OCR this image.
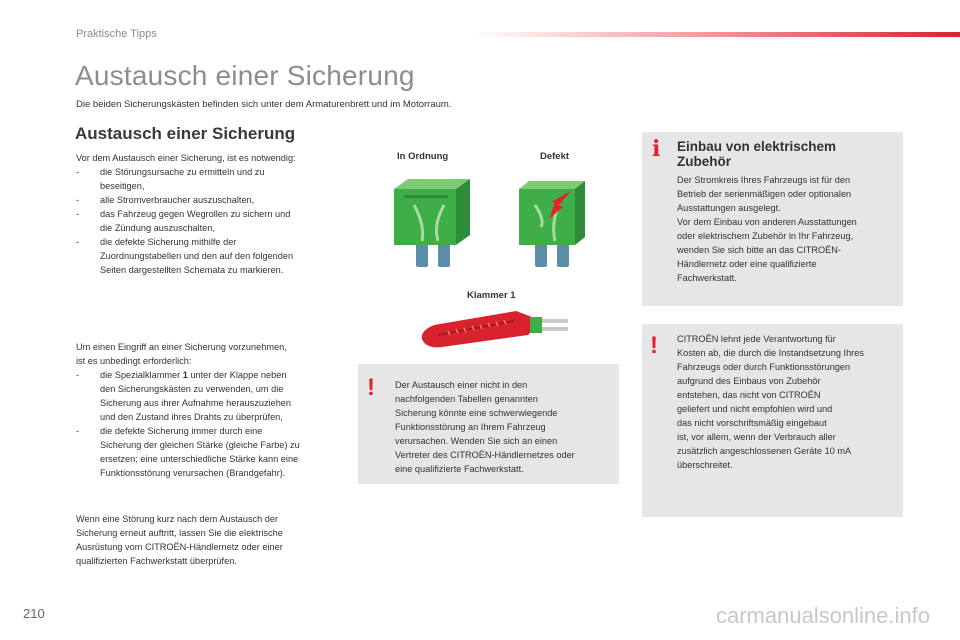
Praktische Tipps
Austausch einer Sicherung
Die beiden Sicherungskästen befinden sich unter dem Armaturenbrett und im Motorraum.
Austausch einer Sicherung

Vor dem Austausch einer Sicherung, ist es notwendig:

- die Störungsursache zu ermitteln und zu
beseitigen,
- alle Stromverbraucher auszuschalten,
- das Fahrzeug gegen Wegrollen zu sichern und
die Zündung auszuschalten,
- die defekte Sicherung mithilfe der
Zuordnungstabellen und den auf den folgenden
Seiten dargestellten Schemata zu markieren.

Um einen Eingriff an einer Sicherung vorzunehmen,

ist es unbedingt erforderlich:

- die Spezialklammer 1 unter der Klappe neben
den Sicherungskästen zu verwenden, um die
Sicherung aus ihrer Aufnahme herauszuziehen
und den Zustand ihres Drahts zu überprüfen,
- die defekte Sicherung immer durch eine
Sicherung der gleichen Stärke (gleiche Farbe) zu
ersetzen; eine unterschiedliche Stärke kann eine
Funktionsstörung verursachen (Brandgefahr).

Wenn eine Störung kurz nach dem Austausch der

Sicherung erneut auftritt, lassen Sie die elektrische

Ausrüstung vom CITROËN-Händlernetz oder einer

qualifizierten Fachwerkstatt überprüfen.

In Ordnung	Defekt
Klammer 1
! Der Austausch einer nicht in den
nachfolgenden Tabellen genannten
Sicherung könnte eine schwerwiegende
Funktionsstörung an Ihrem Fahrzeug
verursachen. Wenden Sie sich an einen
Vertreter des CITROËN-Händlernetzes oder
eine qualifizierte Fachwerkstatt.
i Einbau von elektrischem
Zubehör
Der Stromkreis Ihres Fahrzeugs ist für den
Betrieb der serienmäßigen oder optionalen
Ausstattungen ausgelegt.
Vor dem Einbau von anderen Ausstattungen
oder elektrischem Zubehör in Ihr Fahrzeug,
wenden Sie sich bitte an das CITROËN-
Händlernetz oder eine qualifizierte
Fachwerkstatt.
! CITROËN lehnt jede Verantwortung für
Kosten ab, die durch die Instandsetzung Ihres
Fahrzeugs oder durch Funktionsstörungen
aufgrund des Einbaus von Zubehör
entstehen, das nicht von CITROËN
geliefert und nicht empfohlen wird und
das nicht vorschriftsmäßig eingebaut
ist, vor allem, wenn der Verbrauch aller
zusätzlich angeschlossenen Geräte 10 mA
überschreitet.
210	carmanualsonline.info
